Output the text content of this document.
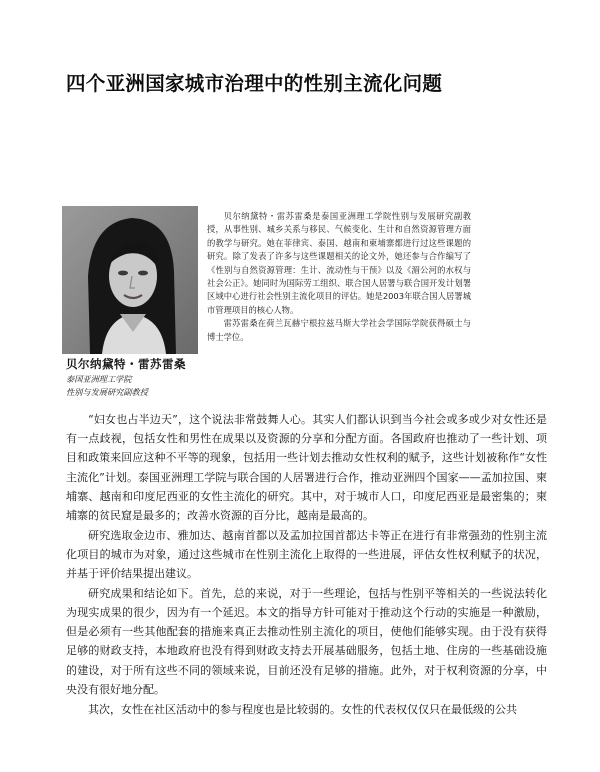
四个亚洲国家城市治理中的性别主流化问题
贝尔纳黛特・雷苏雷桑
泰国亚洲理工学院
性别与发展研究副教授

贝尔纳黛特・雷苏雷桑是泰国亚洲理工学院性别与发展研究副教授，从事性别、城乡关系与移民、气候变化、生计和自然资源管理方面的教学与研究。她在菲律宾、泰国、越南和柬埔寨都进行过这些课题的研究。除了发表了许多与这些课题相关的论文外，她还参与合作编写了《性别与自然资源管理：生计、流动性与干预》以及《湄公河的水权与社会公正》。她同时为国际劳工组织、联合国人居署与联合国开发计划署区域中心进行社会性别主流化项目的评估。她是2003年联合国人居署城市管理项目的核心人物。

雷苏雷桑在荷兰瓦赫宁根拉兹马斯大学社会学国际学院获得硕士与博士学位。

“妇女也占半边天”，这个说法非常鼓舞人心。其实人们都认识到当今社会或多或少对女性还是有一点歧视，包括女性和男性在成果以及资源的分享和分配方面。各国政府也推动了一些计划、项目和政策来回应这种不平等的现象，包括用一些计划去推动女性权利的赋予，这些计划被称作“女性主流化”计划。泰国亚洲理工学院与联合国的人居署进行合作，推动亚洲四个国家——孟加拉国、柬埔寨、越南和印度尼西亚的女性主流化的研究。其中，对于城市人口，印度尼西亚是最密集的；柬埔寨的贫民窟是最多的；改善水资源的百分比，越南是最高的。

研究选取金边市、雅加达、越南首都以及孟加拉国首都达卡等正在进行有非常强劲的性别主流化项目的城市为对象，通过这些城市在性别主流化上取得的一些进展，评估女性权利赋予的状况，并基于评价结果提出建议。

研究成果和结论如下。首先，总的来说，对于一些理论，包括与性别平等相关的一些说法转化为现实成果的很少，因为有一个延迟。本文的指导方针可能对于推动这个行动的实施是一种激励，但是必须有一些其他配套的措施来真正去推动性别主流化的项目，使他们能够实现。由于没有获得足够的财政支持，本地政府也没有得到财政支持去开展基础服务，包括土地、住房的一些基础设施的建设，对于所有这些不同的领域来说，目前还没有足够的措施。此外，对于权利资源的分享，中央没有很好地分配。

其次，女性在社区活动中的参与程度也是比较弱的。女性的代表权仅仅只在最低级的公共
